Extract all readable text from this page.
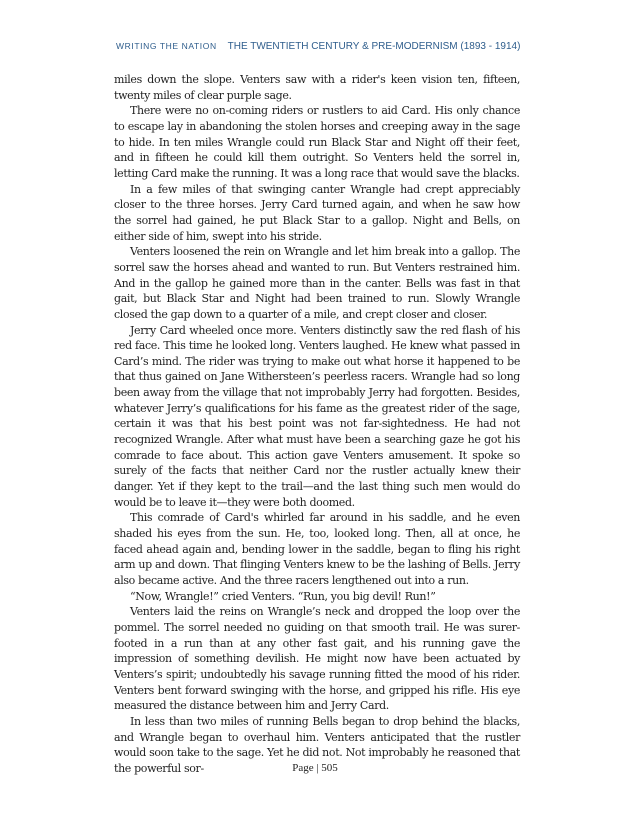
WRITING THE NATION THE TWENTIETH CENTURY & PRE-MODERNISM (1893 - 1914)

miles down the slope. Venters saw with a rider's keen vision ten, fifteen, twenty miles of clear purple sage.

There were no on-coming riders or rustlers to aid Card. His only chance to escape lay in abandoning the stolen horses and creeping away in the sage to hide. In ten miles Wrangle could run Black Star and Night off their feet, and in fifteen he could kill them outright. So Venters held the sorrel in, letting Card make the running. It was a long race that would save the blacks.

In a few miles of that swinging canter Wrangle had crept appreciably closer to the three horses. Jerry Card turned again, and when he saw how the sorrel had gained, he put Black Star to a gallop. Night and Bells, on either side of him, swept into his stride.

Venters loosened the rein on Wrangle and let him break into a gallop. The sorrel saw the horses ahead and wanted to run. But Venters restrained him. And in the gallop he gained more than in the canter. Bells was fast in that gait, but Black Star and Night had been trained to run. Slowly Wrangle closed the gap down to a quarter of a mile, and crept closer and closer.

Jerry Card wheeled once more. Venters distinctly saw the red flash of his red face. This time he looked long. Venters laughed. He knew what passed in Card’s mind. The rider was trying to make out what horse it happened to be that thus gained on Jane Withersteen’s peerless racers. Wrangle had so long been away from the village that not improbably Jerry had forgotten. Besides, whatever Jerry’s qualifications for his fame as the greatest rider of the sage, certain it was that his best point was not far-sightedness. He had not recognized Wrangle. After what must have been a searching gaze he got his comrade to face about. This action gave Venters amusement. It spoke so surely of the facts that neither Card nor the rustler actually knew their danger. Yet if they kept to the trail—and the last thing such men would do would be to leave it—they were both doomed.

This comrade of Card's whirled far around in his saddle, and he even shaded his eyes from the sun. He, too, looked long. Then, all at once, he faced ahead again and, bending lower in the saddle, began to fling his right arm up and down. That flinging Venters knew to be the lashing of Bells. Jerry also became active. And the three racers lengthened out into a run.

“Now, Wrangle!” cried Venters. “Run, you big devil! Run!”

Venters laid the reins on Wrangle’s neck and dropped the loop over the pommel. The sorrel needed no guiding on that smooth trail. He was surer-footed in a run than at any other fast gait, and his running gave the impression of something devilish. He might now have been actuated by Venters’s spirit; undoubtedly his savage running fitted the mood of his rider. Venters bent forward swinging with the horse, and gripped his rifle. His eye measured the distance between him and Jerry Card.

In less than two miles of running Bells began to drop behind the blacks, and Wrangle began to overhaul him. Venters anticipated that the rustler would soon take to the sage. Yet he did not. Not improbably he reasoned that the powerful sor-	Page | 505
